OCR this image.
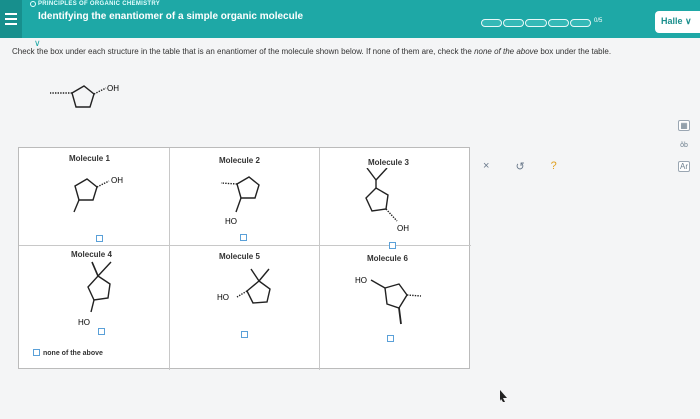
PRINCIPLES OF ORGANIC CHEMISTRY
Identifying the enantiomer of a simple organic molecule	0/5	Halle ∨
∨
Check the box under each structure in the table that is an enantiomer of the molecule shown below. If none of them are, check the none of the above box under the table.
OH
Molecule 1
OH
Molecule 2
HO
Molecule 3
OH
Molecule 4
HO
Molecule 5
HO
Molecule 6
HO
none of the above
× ↺ ?
▦
ǒb
Ar
